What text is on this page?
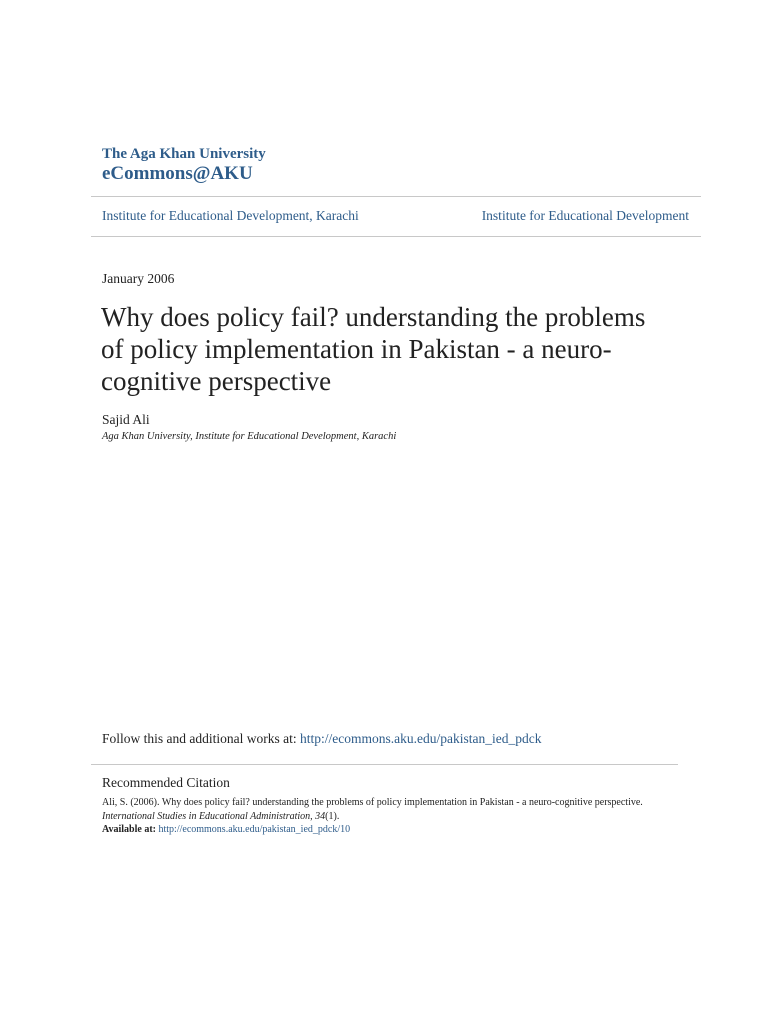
The Aga Khan University
eCommons@AKU
Institute for Educational Development, Karachi	Institute for Educational Development
January 2006
Why does policy fail? understanding the problems
of policy implementation in Pakistan - a neuro-
cognitive perspective
Sajid Ali
Aga Khan University, Institute for Educational Development, Karachi
Follow this and additional works at: http://ecommons.aku.edu/pakistan_ied_pdck
Recommended Citation
Ali, S. (2006). Why does policy fail? understanding the problems of policy implementation in Pakistan - a neuro-cognitive perspective.
International Studies in Educational Administration, 34(1).
Available at: http://ecommons.aku.edu/pakistan_ied_pdck/10
